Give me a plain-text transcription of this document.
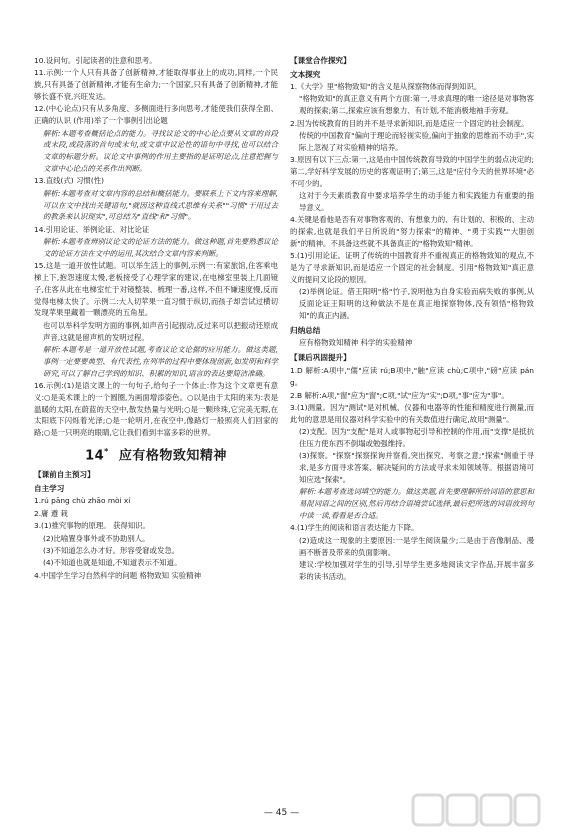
10.设问句。引起读者的注意和思考。

11.示例:一个人只有具备了创新精神,才能取得事业上的成功,同样,一个民族,只有具备了创新精神,才能有生命力;一个国家,只有具备了创新精神,才能够长盛不衰,兴旺发达。

12.(中心论点)只有从多角度、多侧面进行多向思考,才能使我们获得全面、正确的认识 (作用)举了一个事例引出论题

解析:本题考查概括论点的能力。寻找议论文的中心论点要从文章的首段或末段,或段落的首句或末句,或文章中议论性的语句中寻找,也可以结合文章的标题分析。议论文中事例的作用主要指的是证明论点,注意把握与文章中心论点的关系作出判断。

13.直线(式) 习惯(性)

解析:本题考查对文章内容的总结和概括能力。要联系上下文内容来理解,可以在文中找出关键语句,"就因这种直线式思维有关系""习惯"干用过去的教条来认识现实",可总结为"直线"和"习惯"。

14.引用论证、举例论证、对比论证

解析:本题考查辨别议论文的论证方法的能力。做这种题,首先要熟悉议论文的论证方法在文中的运用,其次结合文章内容来判断。

15.这是一道开放性试题。可以举生活上的事例,示例一:有家旅馆,住客乘电梯上下,抱怨速度太慢,老板接受了心理学家的建议,在电梯室里装上几面镜子,住客从此在电梯室忙于对镜整装、梳理一番,这样,不但不嫌速度慢,反而觉得电梯太快了。示例二:大人切苹果一直习惯于纵切,而孩子却尝试过横切发现苹果里藏着一颗漂亮的五角星。

也可以举科学发明方面的事例,如声音引起振动,反过来可以把振动还原成声音,这就是留声机的发明过程。

解析:本题考是一道开放性试题,考查议论文论据的应用能力。做这类题,事例一定要要典型、有代表性,在列举的过程中要体现创新,如发明和科学研究,可以了解自己学到的知识、积累的知识,语言的表达要简洁准确。

16.示例:(1)是语文课上的一句句子,给句子一个体止:作为这个文章更有意义:○是美术课上的一个圆圈,为画面增添姿色。○以是由于太阳的来为:表是温暖的太阳,在蔚蓝的天空中,散发热量与光明;○是一颗珍珠,它完美无瑕,在太阳底下闪烁着光泽;○是一轮明月,在夜空中,像路灯一般照亮人们回家的路;○是一只明亮的眼睛,它让我们看到丰富多彩的世界。

14* 应有格物致知精神
【课前自主预习】
自主学习

1.rú pāng chù zhāo mòi xí

2.庸 遵 栽

3.(1)推究事物的原理。 获得知识。

(2)比喻置身事外或不协助别人。

(3)不知道怎么办才好。形容受窘或发急。

(4)不知道也就是知道,不知道表示不知道。

4.中国学生学习自然科学的问题 格物致知 实验精神

【课堂合作探究】
文本探究

1.《大学》里"格物致知"的含义是从探察物体而得到知识。

"格物致知"的真正意义有两个方面:第一,寻求真理的唯一途径是对事物客观的探索;第二,探索应该有想象力、有计划,不能消极地袖手旁观。

2.因为传统教育的目的并不是寻求新知识,而是适应一个固定的社会制度。

传统的中国教育"偏向于理论而轻视实验,偏向于抽象的思维而不动手",实际上忽视了对实验精神的培养。

3.原因有以下三点:第一,这是由中国传统教育导致的中国学生的弱点决定的;第二,学好科学发展的历史的客观证明了;第三,这是"应付今天的世界环境"必不可少的。

这对于今天素质教育中要求培养学生的动手能力和实践能力有重要的指导意义。

4.关键是看他是否有对事物客观的、有想象力的、有计划的、积极的、主动的探索,也就是我们平日所说的"努力探索"的精神、"勇于实践""大胆创新"的精神。不具备这些就不具备真正的"格物致知"精神。

5.(1)引用论证。证明了传统的中国教育并不重视真正的格物致知的观点,不是为了寻求新知识,而是适应一个固定的社会制度。引用"格物致知"真正意义的提问又论段的原因。

(2)举例论证。借王阳明"格"竹子,说明他为自身实验而病失败的事例,从反面论证王阳明的这种做法不是在真正地探察物体,没有领悟"格物致知"的真正内涵。

归纳总结

应有格物致知精神 科学的实验精神

【课后巩固提升】

1.D 解析:A项中,"儒"应读 rú;B项中,"触"应读 chù;C项中,"磅"应读 páng。

2.B 解析:A项,"窗"应为"窗";C项,"试"应为"实";D项,"事"应为"事"。

3.(1)测量。因为"测试"是对机械、仪器和电器等的性能和精度进行测量,而此句的意思是用仪器对科学实验中的有关数值进行确定,故用"测量"。

(2)支配。因为"支配"是对人或事物起引导和控制的作用,而"支撑"是抵抗住压力使东西不倒塌或勉强维持。

(3)探察。"探察"探察探询并察看,突出探究、考察之意;"探索"侧重于寻求,是多方面寻求答案、解决疑问的方法或寻求未知领域等。根据语境可知应选"探索"。

解析:本题考查选词填空的能力。做这类题,首先要理解所给词语的意思和易混词语之间的区别,然后再结合语境尝试选择,最后把所选的词语放到句中读一读,看看是否合适。

4.(1)学生的阅读和语言表达能力下降。

(2)造成这一现象的主要原因:一是学生阅读量少;二是由于音像制品、漫画不断普及带来的负面影响。

建议:学校加强对学生的引导,引导学生更多地阅读文字作品,开展丰富多彩的读书活动。

— 45 —
